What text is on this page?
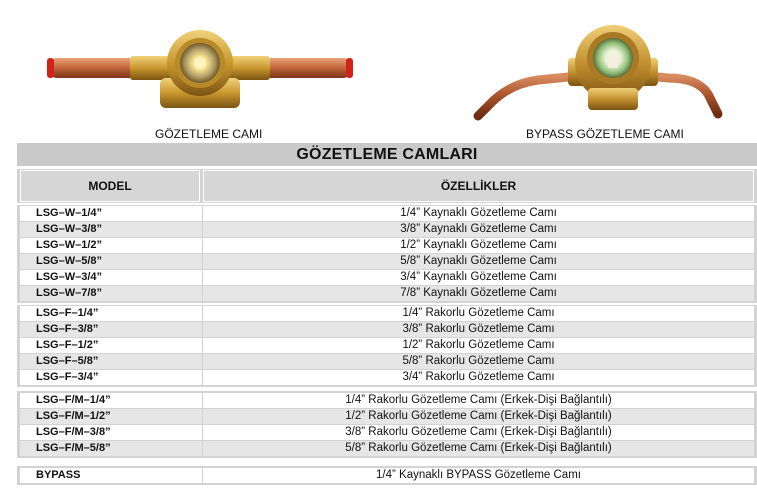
GÖZETLEME CAMI	BYPASS GÖZETLEME CAMI
GÖZETLEME CAMLARI
MODEL	ÖZELLİKLER
LSG–W–1/4”	1/4” Kaynaklı Gözetleme Camı
LSG–W–3/8”	3/8” Kaynaklı Gözetleme Camı
LSG–W–1/2”	1/2” Kaynaklı Gözetleme Camı
LSG–W–5/8”	5/8” Kaynaklı Gözetleme Camı
LSG–W–3/4”	3/4” Kaynaklı Gözetleme Camı
LSG–W–7/8”	7/8” Kaynaklı Gözetleme Camı
LSG–F–1/4”	1/4” Rakorlu Gözetleme Camı
LSG–F–3/8”	3/8” Rakorlu Gözetleme Camı
LSG–F–1/2”	1/2” Rakorlu Gözetleme Camı
LSG–F–5/8”	5/8” Rakorlu Gözetleme Camı
LSG–F–3/4”	3/4” Rakorlu Gözetleme Camı
LSG–F/M–1/4”	1/4” Rakorlu Gözetleme Camı (Erkek-Dişi Bağlantılı)
LSG–F/M–1/2”	1/2” Rakorlu Gözetleme Camı (Erkek-Dişi Bağlantılı)
LSG–F/M–3/8”	3/8” Rakorlu Gözetleme Camı (Erkek-Dişi Bağlantılı)
LSG–F/M–5/8”	5/8” Rakorlu Gözetleme Camı (Erkek-Dişi Bağlantılı)
BYPASS	1/4” Kaynaklı BYPASS Gözetleme Camı
